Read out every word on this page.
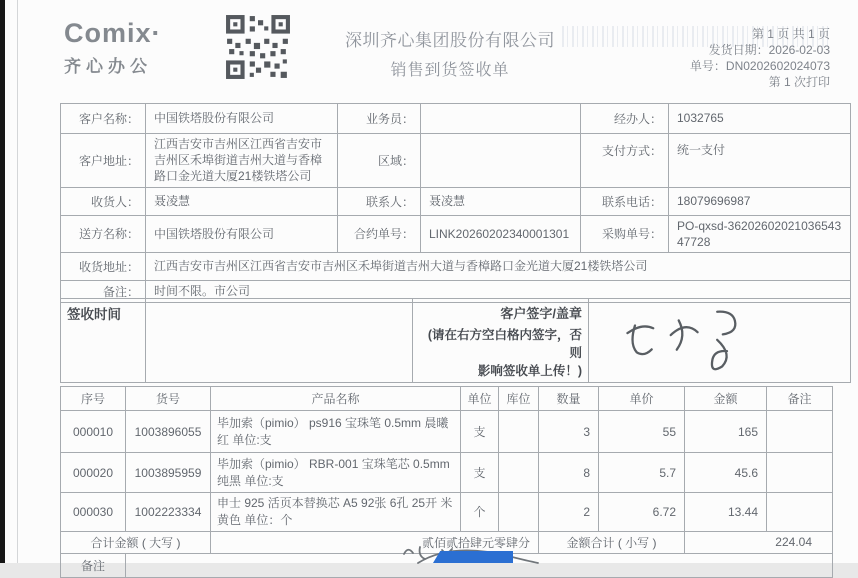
Comix·
齐心办公
深圳齐心集团股份有限公司
销售到货签收单
第 1 页 共 1 页
发货日期：2026-02-03
单号：DN0202602024073
第 1 次打印
客户名称：	中国铁塔股份有限公司	业务员：		经办人：	1032765
客户地址：	江西吉安市吉州区江西省吉安市吉州区禾埠街道吉州大道与香樟路口金光道大厦21楼铁塔公司	区域：		支付方式：	统一支付
收货人：	聂凌慧	联系人：	聂凌慧	联系电话：	18079696987
送方名称：	中国铁塔股份有限公司	合约单号：	LINK20260202340001301	采购单号：	PO-qxsd-3620260202103654347728
收货地址：	江西吉安市吉州区江西省吉安市吉州区禾埠街道吉州大道与香樟路口金光道大厦21楼铁塔公司				
备注：	时间不限。市公司				
签收时间		客户签字/盖章
(请在右方空白格内签字，否则
影响签收单上传！)

序号	货号	产品名称	单位	库位	数量	单价	金额	备注
000010	1003896055	毕加索（pimio） ps916 宝珠笔 0.5mm 晨曦红 单位:支	支		3	55	165	
000020	1003895959	毕加索（pimio） RBR-001 宝珠笔芯 0.5mm 纯黑 单位:支	支		8	5.7	45.6	
000030	1002223334	申士 925 活页本替换芯 A5 92张 6孔 25开 米黄色 单位：个	个		2	6.72	13.44	
合计金额 ( 大写 )		贰佰贰拾肆元零肆分			金额合计 ( 小写 )		224.04	
备注								
